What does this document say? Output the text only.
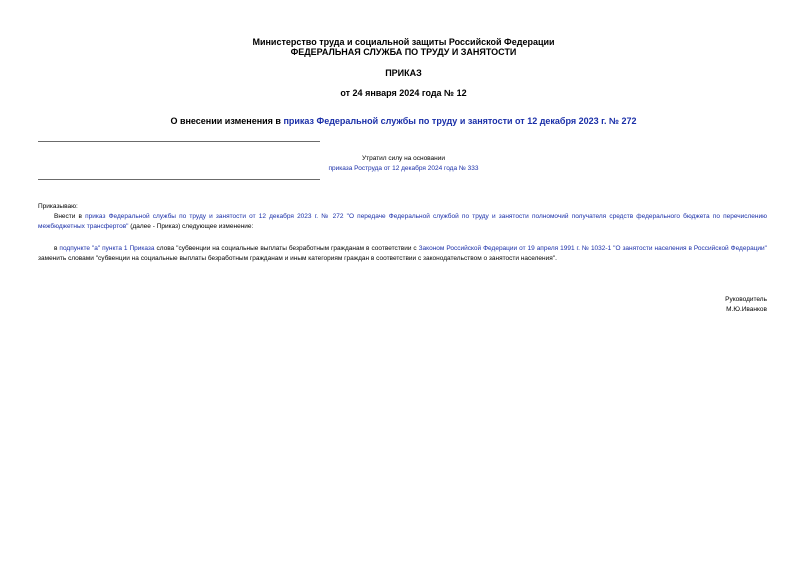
Министерство труда и социальной защиты Российской Федерации
ФЕДЕРАЛЬНАЯ СЛУЖБА ПО ТРУДУ И ЗАНЯТОСТИ
ПРИКАЗ
от 24 января 2024 года № 12
О внесении изменения в приказ Федеральной службы по труду и занятости от 12 декабря 2023 г. № 272
Утратил силу на основании
приказа Роструда от 12 декабря 2024 года № 333
Приказываю:
Внести в приказ Федеральной службы по труду и занятости от 12 декабря 2023 г. № 272 "О передаче Федеральной службой по труду и занятости полномочий получателя средств федерального бюджета по перечислению межбюджетных трансфертов" (далее - Приказ) следующее изменение:
в подпункте "а" пункта 1 Приказа слова "субвенции на социальные выплаты безработным гражданам в соответствии с Законом Российской Федерации от 19 апреля 1991 г. № 1032-1 "О занятости населения в Российской Федерации" заменить словами "субвенции на социальные выплаты безработным гражданам и иным категориям граждан в соответствии с законодательством о занятости населения".
Руководитель
М.Ю.Иванков
